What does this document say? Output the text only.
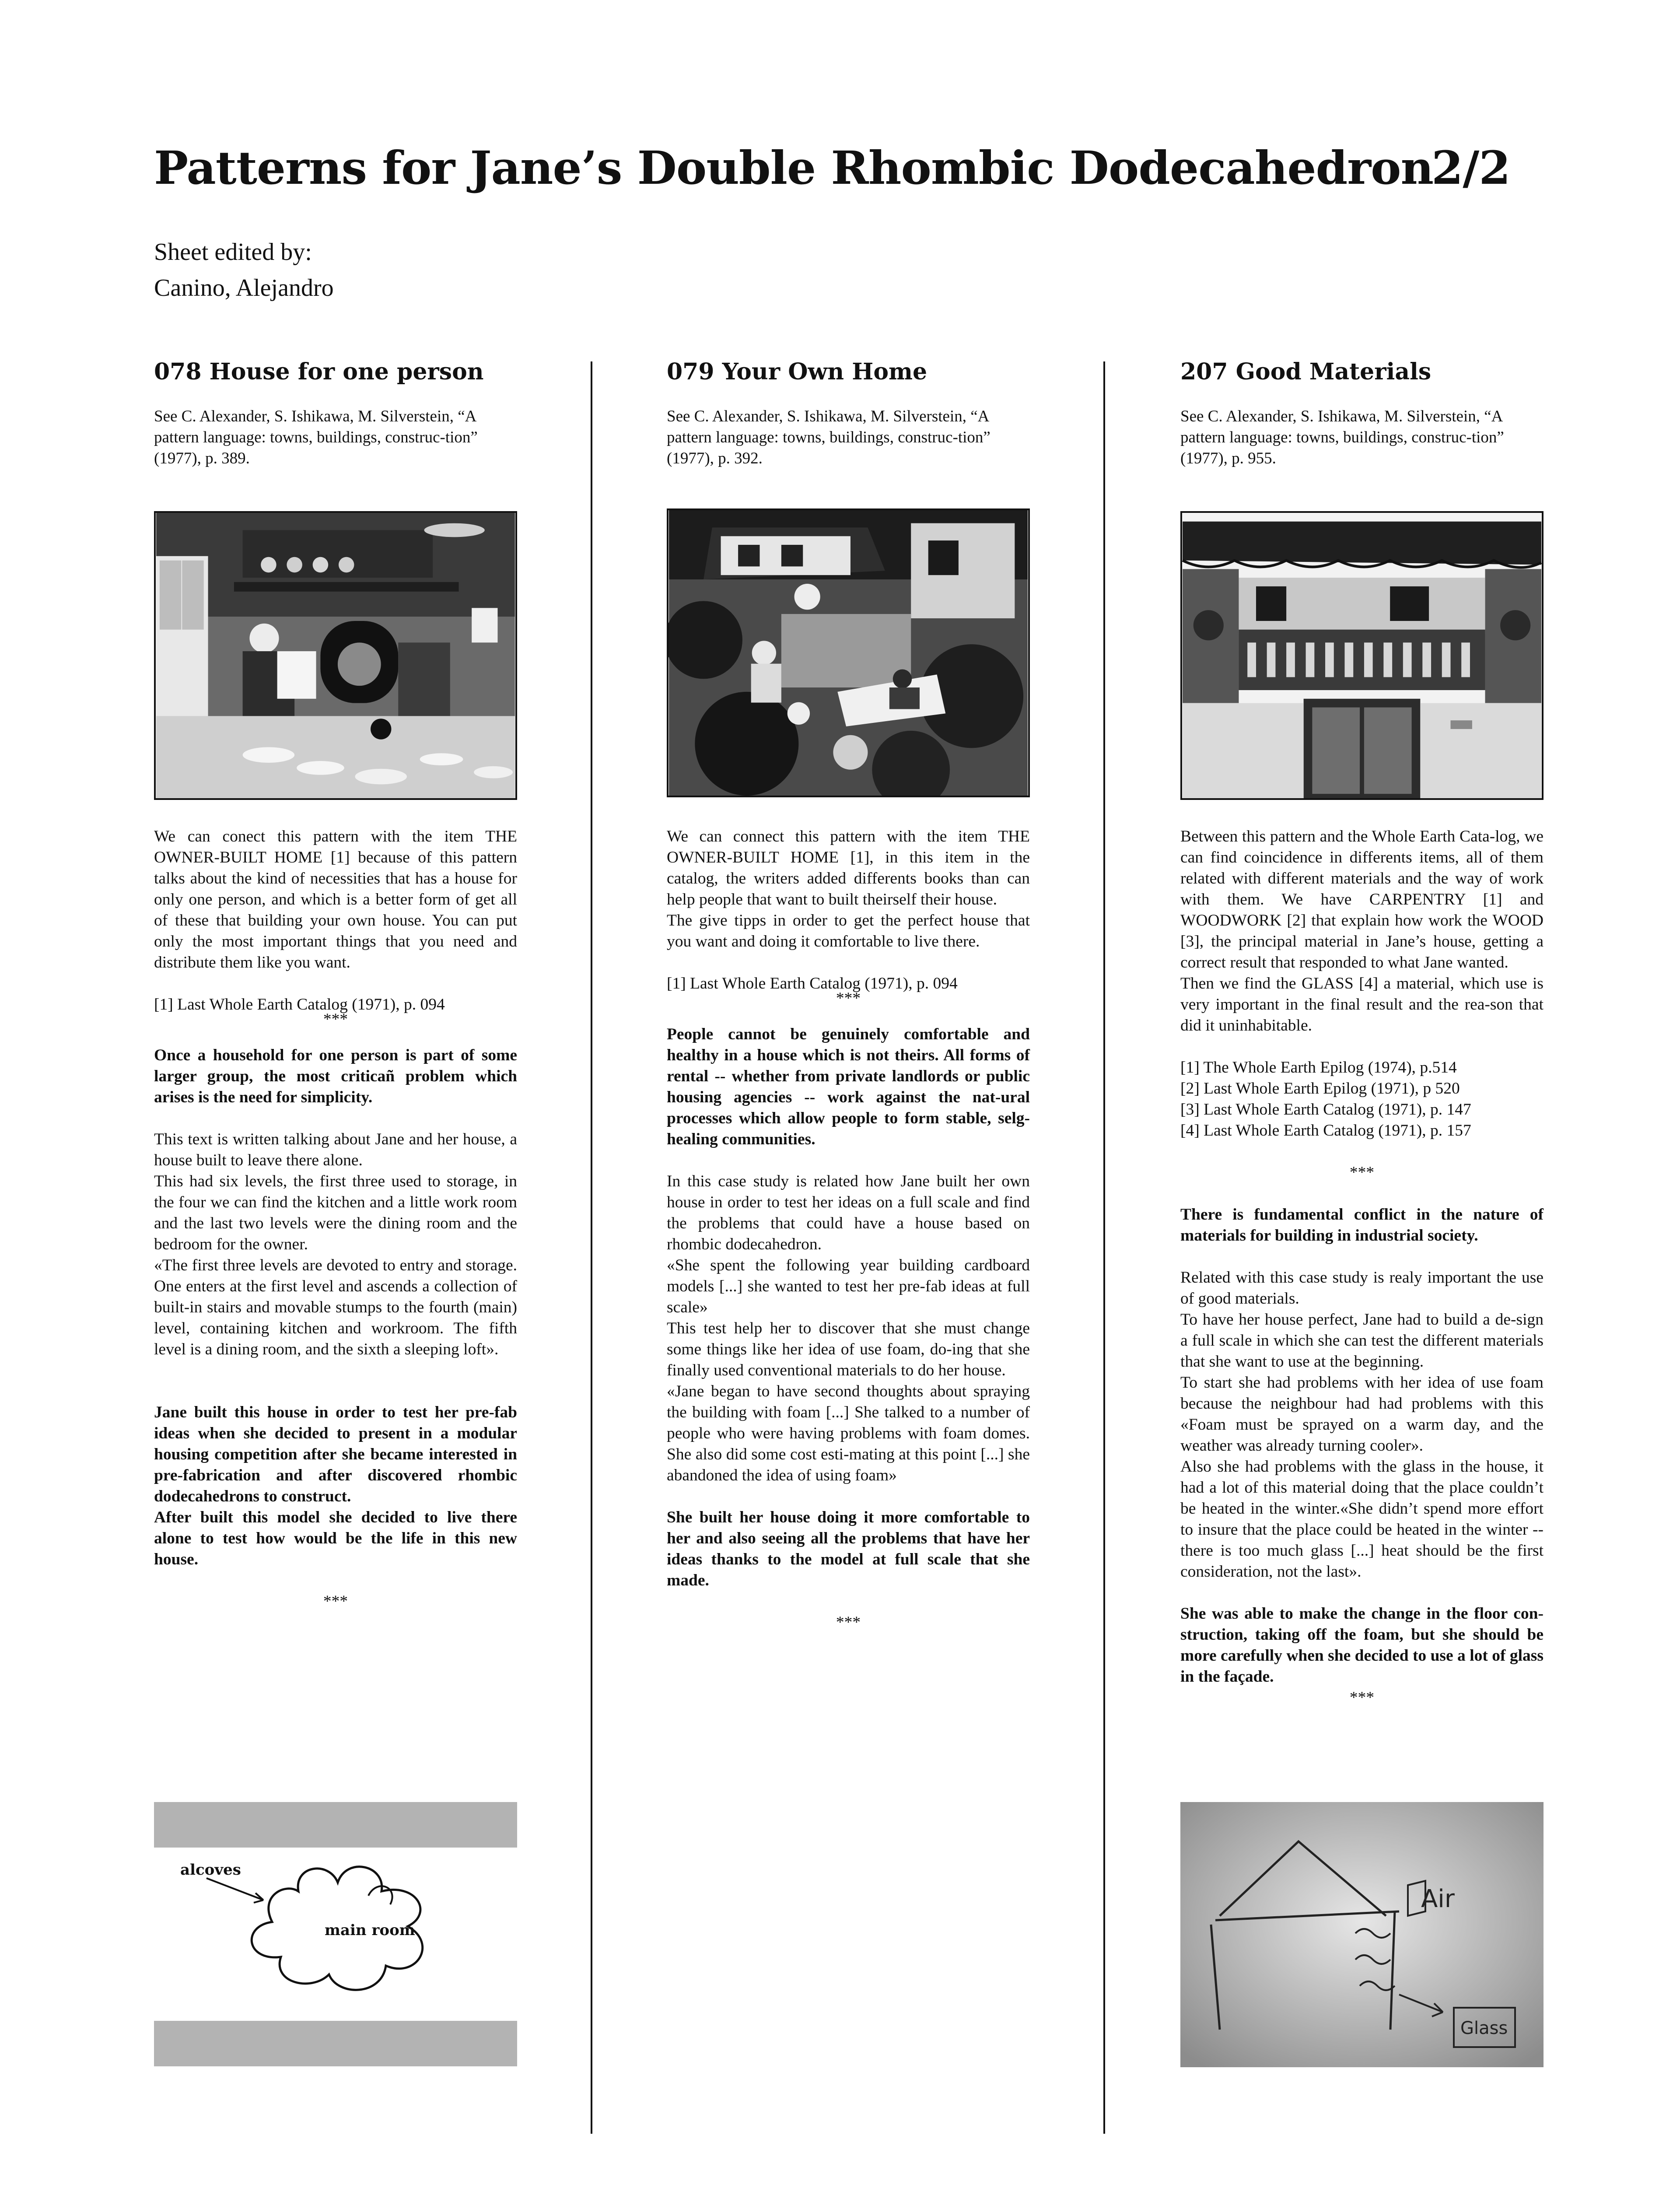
Patterns for Jane’s Double Rhombic Dodecahedron
2/2
Sheet edited by:
Canino, Alejandro
078 House for one person

See C. Alexander, S. Ishikawa, M. Silverstein, “A pattern language: towns, buildings, construc-tion” (1977), p. 389.

We can conect this pattern with the item THE OWNER-BUILT HOME [1] because of this pattern talks about the kind of necessities that has a house for only one person, and which is a better form of get all of these that building your own house. You can put only the most important things that you need and distribute them like you want.

[1] Last Whole Earth Catalog (1971), p. 094

***

Once a household for one person is part of some larger group, the most criticañ problem which arises is the need for simplicity.

This text is written talking about Jane and her house, a house built to leave there alone.

This had six levels, the first three used to storage, in the four we can find the kitchen and a little work room and the last two levels were the dining room and the bedroom for the owner.

«The first three levels are devoted to entry and storage. One enters at the first level and ascends a collection of built-in stairs and movable stumps to the fourth (main) level, containing kitchen and workroom. The fifth level is a dining room, and the sixth a sleeping loft».

Jane built this house in order to test her pre-fab ideas when she decided to present in a modular housing competition after she became interested in pre-fabrication and after discovered rhombic dodecahedrons to construct.

After built this model she decided to live there alone to test how would be the life in this new house.

***

alcoves
main room
079 Your Own Home

See C. Alexander, S. Ishikawa, M. Silverstein, “A pattern language: towns, buildings, construc-tion” (1977), p. 392.

We can connect this pattern with the item THE OWNER-BUILT HOME [1], in this item in the catalog, the writers added differents books than can help people that want to built theirself their house.

The give tipps in order to get the perfect house that you want and doing it comfortable to live there.

[1] Last Whole Earth Catalog (1971), p. 094

***

People cannot be genuinely comfortable and healthy in a house which is not theirs. All forms of rental -- whether from private landlords or public housing agencies -- work against the nat-ural processes which allow people to form stable, selg-healing communities.

In this case study is related how Jane built her own house in order to test her ideas on a full scale and find the problems that could have a house based on rhombic dodecahedron.

«She spent the following year building cardboard models [...] she wanted to test her pre-fab ideas at full scale»

This test help her to discover that she must change some things like her idea of use foam, do-ing that she finally used conventional materials to do her house.

«Jane began to have second thoughts about spraying the building with foam [...] She talked to a number of people who were having problems with foam domes. She also did some cost esti-mating at this point [...] she abandoned the idea of using foam»

She built her house doing it more comfortable to her and also seeing all the problems that have her ideas thanks to the model at full scale that she made.

***

207 Good Materials

See C. Alexander, S. Ishikawa, M. Silverstein, “A pattern language: towns, buildings, construc-tion” (1977), p. 955.

Between this pattern and the Whole Earth Cata-log, we can find coincidence in differents items, all of them related with different materials and the way of work with them. We have CARPENTRY [1] and WOODWORK [2] that explain how work the WOOD [3], the principal material in Jane’s house, getting a correct result that responded to what Jane wanted.

Then we find the GLASS [4] a material, which use is very important in the final result and the rea-son that did it uninhabitable.

[1] The Whole Earth Epilog (1974), p.514

[2] Last Whole Earth Epilog (1971), p 520

[3] Last Whole Earth Catalog (1971), p. 147

[4] Last Whole Earth Catalog (1971), p. 157

***

There is fundamental conflict in the nature of materials for building in industrial society.

Related with this case study is realy important the use of good materials.

To have her house perfect, Jane had to build a de-sign a full scale in which she can test the different materials that she want to use at the beginning.

To start she had problems with her idea of use foam because the neighbour had had problems with this «Foam must be sprayed on a warm day, and the weather was already turning cooler».

Also she had problems with the glass in the house, it had a lot of this material doing that the place couldn’t be heated in the winter.«She didn’t spend more effort to insure that the place could be heated in the winter --there is too much glass [...] heat should be the first consideration, not the last».

She was able to make the change in the floor con-struction, taking off the foam, but she should be more carefully when she decided to use a lot of glass in the façade.

***

Air
Glass
